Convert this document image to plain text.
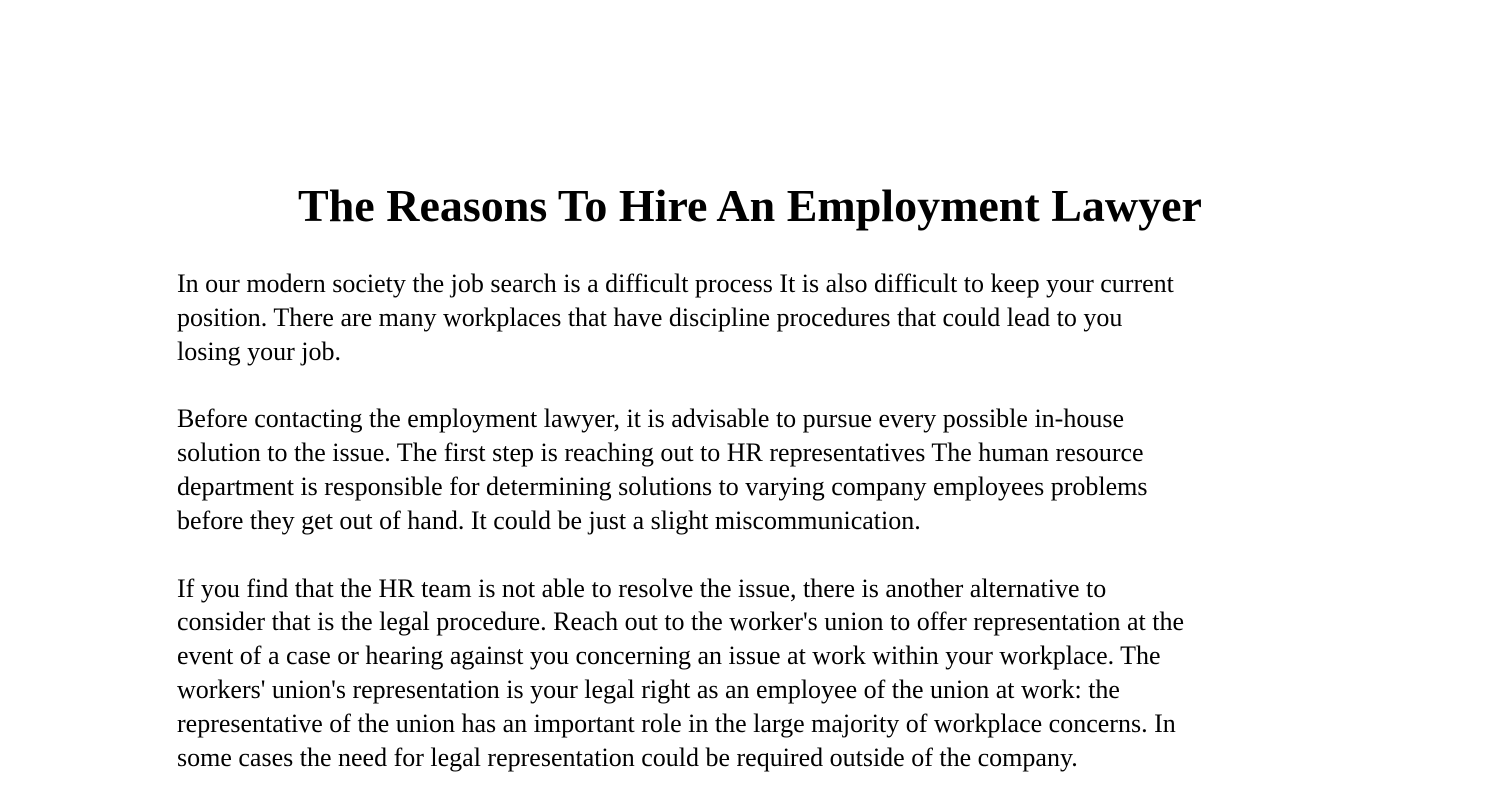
The Reasons To Hire An Employment Lawyer

In our modern society the job search is a difficult process It is also difficult to keep your current
position. There are many workplaces that have discipline procedures that could lead to you
losing your job.

Before contacting the employment lawyer, it is advisable to pursue every possible in-house
solution to the issue. The first step is reaching out to HR representatives The human resource
department is responsible for determining solutions to varying company employees problems
before they get out of hand. It could be just a slight miscommunication.

If you find that the HR team is not able to resolve the issue, there is another alternative to
consider that is the legal procedure. Reach out to the worker's union to offer representation at the
event of a case or hearing against you concerning an issue at work within your workplace. The
workers' union's representation is your legal right as an employee of the union at work: the
representative of the union has an important role in the large majority of workplace concerns. In
some cases the need for legal representation could be required outside of the company.
